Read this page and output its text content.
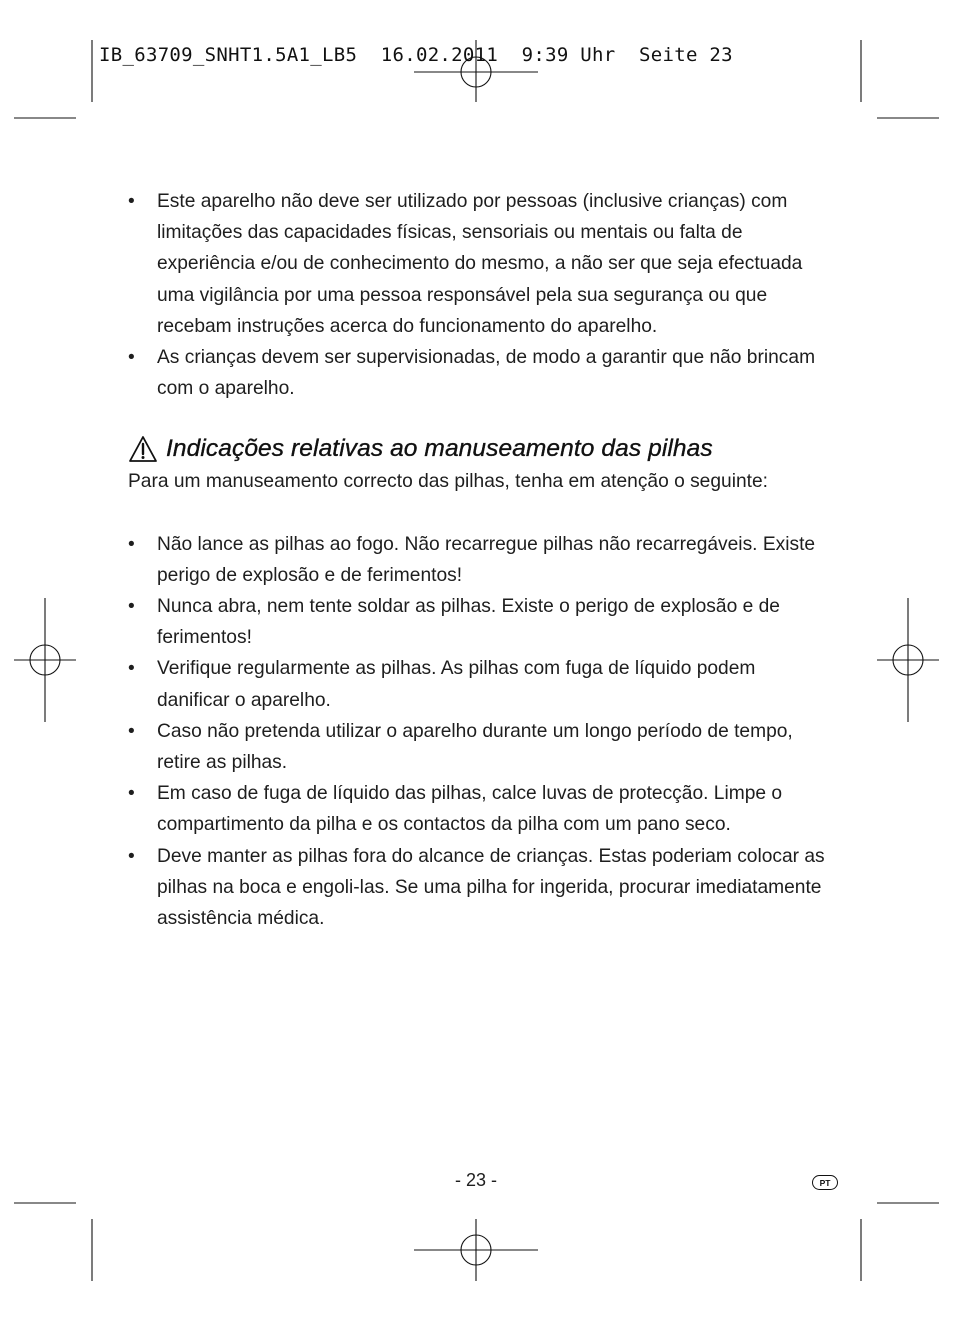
IB_63709_SNHT1.5A1_LB5  16.02.2011  9:39 Uhr  Seite 23
• Este aparelho não deve ser utilizado por pessoas (inclusive crianças) com limitações das capacidades físicas, sensoriais ou mentais ou falta de experiência e/ou de conhecimento do mesmo, a não ser que seja efectuada uma vigilância por uma pessoa responsável pela sua segurança ou que recebam instruções acerca do funcionamento do aparelho.
• As crianças devem ser supervisionadas, de modo a garantir que não brincam com o aparelho.
Indicações relativas ao manuseamento das pilhas

Para um manuseamento correcto das pilhas, tenha em atenção o seguinte:

• Não lance as pilhas ao fogo. Não recarregue pilhas não recarregáveis. Existe perigo de explosão e de ferimentos!
• Nunca abra, nem tente soldar as pilhas. Existe o perigo de explosão e de ferimentos!
• Verifique regularmente as pilhas. As pilhas com fuga de líquido podem danificar o aparelho.
• Caso não pretenda utilizar o aparelho durante um longo período de tempo, retire as pilhas.
• Em caso de fuga de líquido das pilhas, calce luvas de protecção. Limpe o compartimento da pilha e os contactos da pilha com um pano seco.
• Deve manter as pilhas fora do alcance de crianças. Estas poderiam colocar as pilhas na boca e engoli-las. Se uma pilha for ingerida, procurar imediatamente assistência médica.
- 23 -	PT
